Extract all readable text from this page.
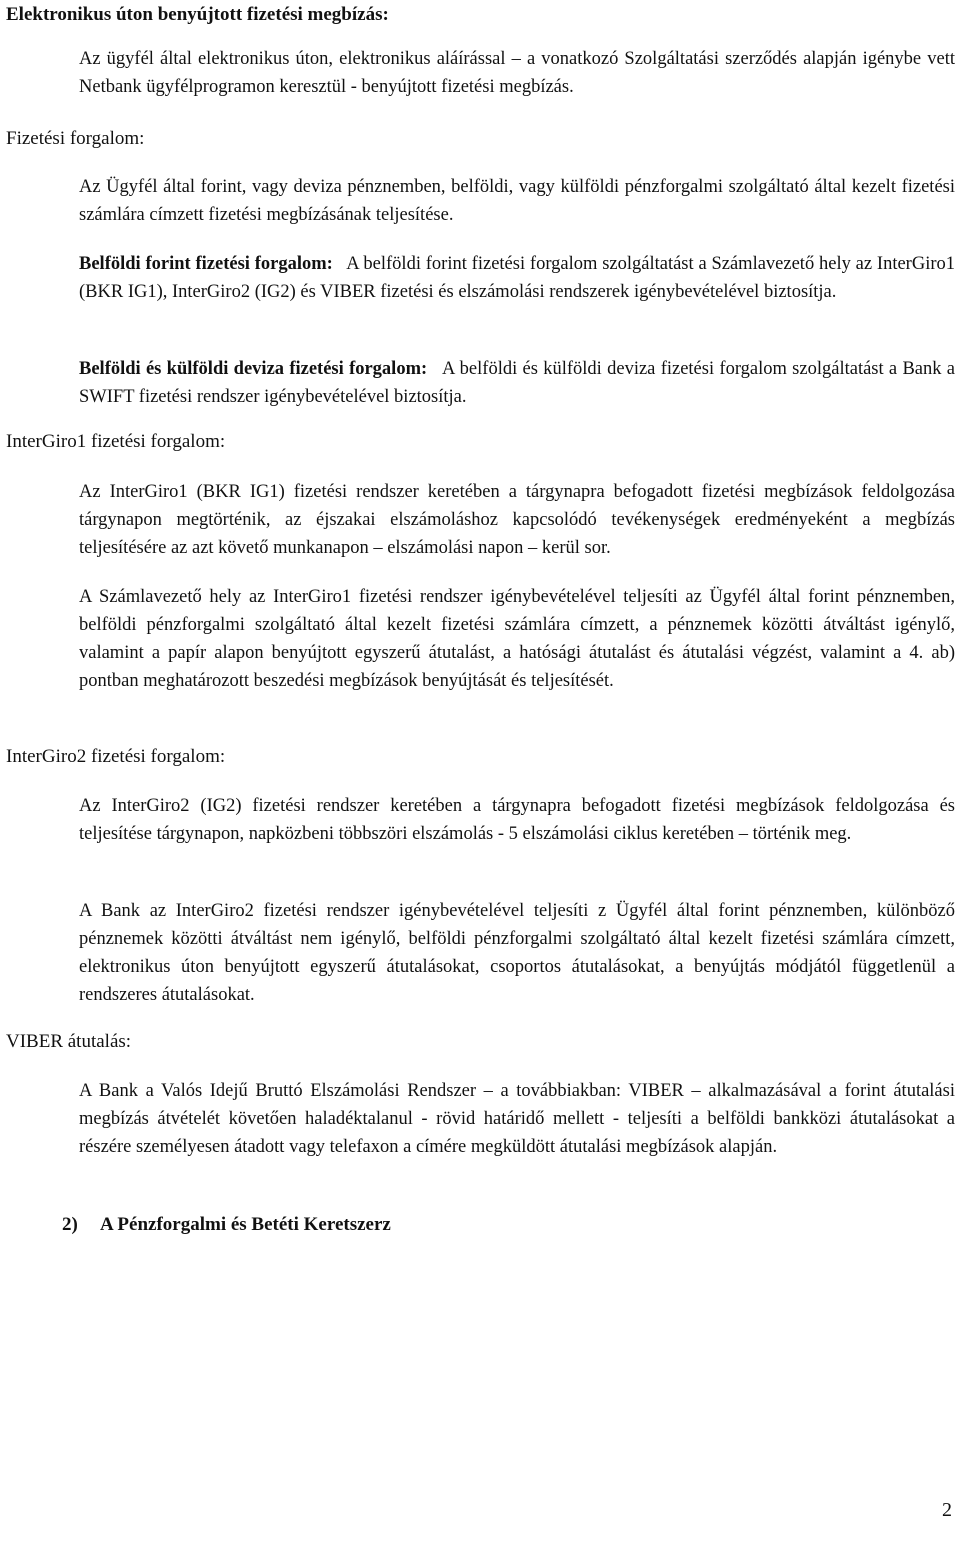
Elektronikus úton benyújtott fizetési megbízás:
Az ügyfél által elektronikus úton, elektronikus aláírással – a vonatkozó Szolgáltatási szerződés alapján igénybe vett Netbank ügyfélprogramon keresztül - benyújtott fizetési megbízás.
Fizetési forgalom:
Az Ügyfél által forint, vagy deviza pénznemben, belföldi, vagy külföldi pénzforgalmi szolgáltató által kezelt fizetési számlára címzett fizetési megbízásának teljesítése.
Belföldi forint fizetési forgalom: A belföldi forint fizetési forgalom szolgáltatást a Számlavezető hely az InterGiro1 (BKR IG1), InterGiro2 (IG2) és VIBER fizetési és elszámolási rendszerek igénybevételével biztosítja.
Belföldi és külföldi deviza fizetési forgalom: A belföldi és külföldi deviza fizetési forgalom szolgáltatást a Bank a SWIFT fizetési rendszer igénybevételével biztosítja.
InterGiro1 fizetési forgalom:
Az InterGiro1 (BKR IG1) fizetési rendszer keretében a tárgynapra befogadott fizetési megbízások feldolgozása tárgynapon megtörténik, az éjszakai elszámoláshoz kapcsolódó tevékenységek eredményeként a megbízás teljesítésére az azt követő munkanapon – elszámolási napon – kerül sor.
A Számlavezető hely az InterGiro1 fizetési rendszer igénybevételével teljesíti az Ügyfél által forint pénznemben, belföldi pénzforgalmi szolgáltató által kezelt fizetési számlára címzett, a pénznemek közötti átváltást igénylő, valamint a papír alapon benyújtott egyszerű átutalást, a hatósági átutalást és átutalási végzést, valamint a 4. ab) pontban meghatározott beszedési megbízások benyújtását és teljesítését.
InterGiro2 fizetési forgalom:
Az InterGiro2 (IG2) fizetési rendszer keretében a tárgynapra befogadott fizetési megbízások feldolgozása és teljesítése tárgynapon, napközbeni többszöri elszámolás - 5 elszámolási ciklus keretében – történik meg.
A Bank az InterGiro2 fizetési rendszer igénybevételével teljesíti z Ügyfél által forint pénznemben, különböző pénznemek közötti átváltást nem igénylő, belföldi pénzforgalmi szolgáltató által kezelt fizetési számlára címzett, elektronikus úton benyújtott egyszerű átutalásokat, csoportos átutalásokat, a benyújtás módjától függetlenül a rendszeres átutalásokat.
VIBER átutalás:
A Bank a Valós Idejű Bruttó Elszámolási Rendszer – a továbbiakban: VIBER – alkalmazásával a forint átutalási megbízás átvételét követően haladéktalanul - rövid határidő mellett - teljesíti a belföldi bankközi átutalásokat a részére személyesen átadott vagy telefaxon a címére megküldött átutalási megbízások alapján.
2) A Pénzforgalmi és Betéti Keretszerz
2
